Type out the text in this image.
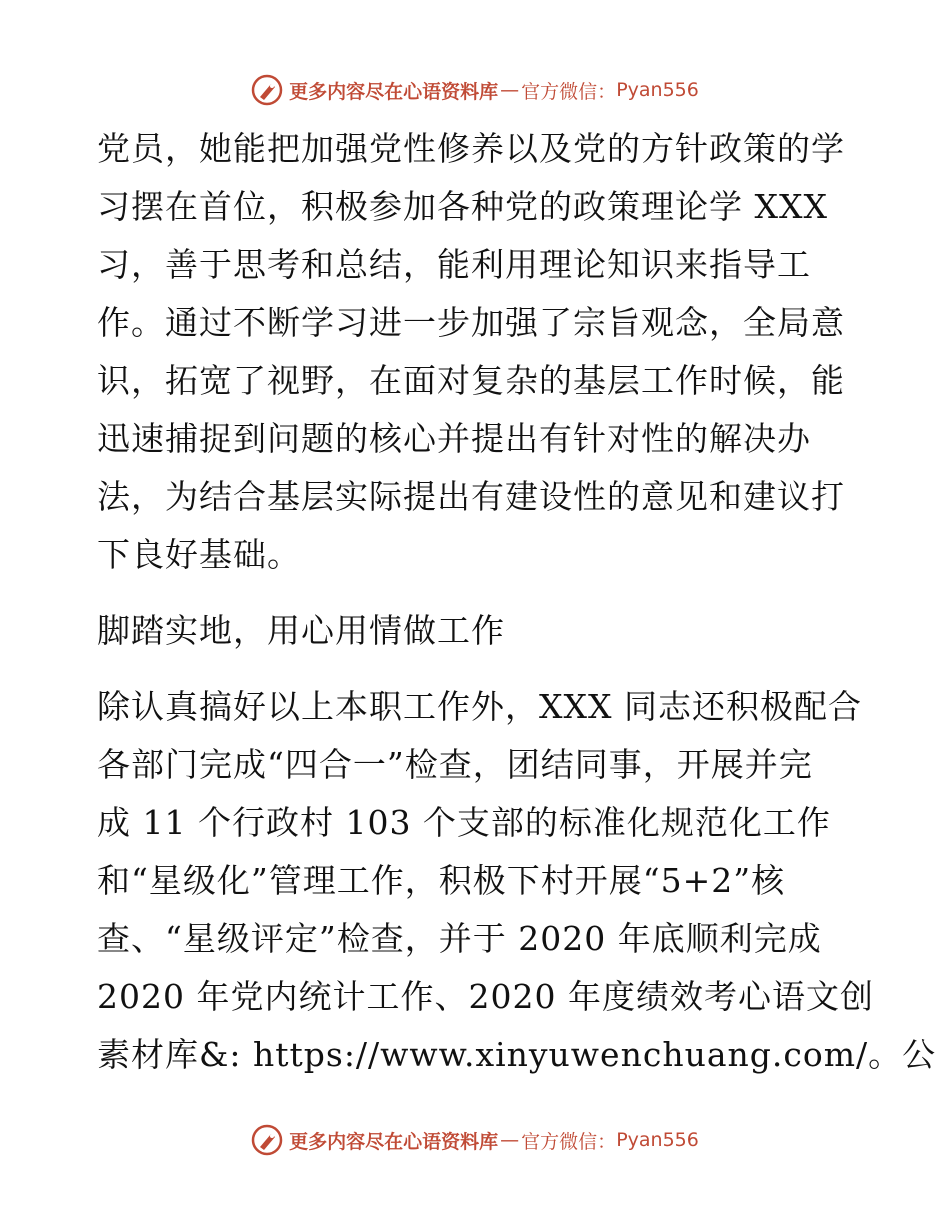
更多内容尽在心语资料库 — 官方微信： Pyan556
党员，她能把加强党性修养以及党的方针政策的学
习摆在首位，积极参加各种党的政策理论学 XXX
习，善于思考和总结，能利用理论知识来指导工
作。通过不断学习进一步加强了宗旨观念，全局意
识，拓宽了视野，在面对复杂的基层工作时候，能
迅速捕捉到问题的核心并提出有针对性的解决办
法，为结合基层实际提出有建设性的意见和建议打
下良好基础。
脚踏实地，用心用情做工作
除认真搞好以上本职工作外，XXX 同志还积极配合
各部门完成“四合一”检查，团结同事，开展并完
成 11 个行政村 103 个支部的标准化规范化工作
和“星级化”管理工作，积极下村开展“5+2”核
查、“星级评定”检查，并于 2020 年底顺利完成
2020 年党内统计工作、2020 年度绩效考心语文创
素材库&: https://www.xinyuwenchuang.com/。公
更多内容尽在心语资料库 — 官方微信： Pyan556
